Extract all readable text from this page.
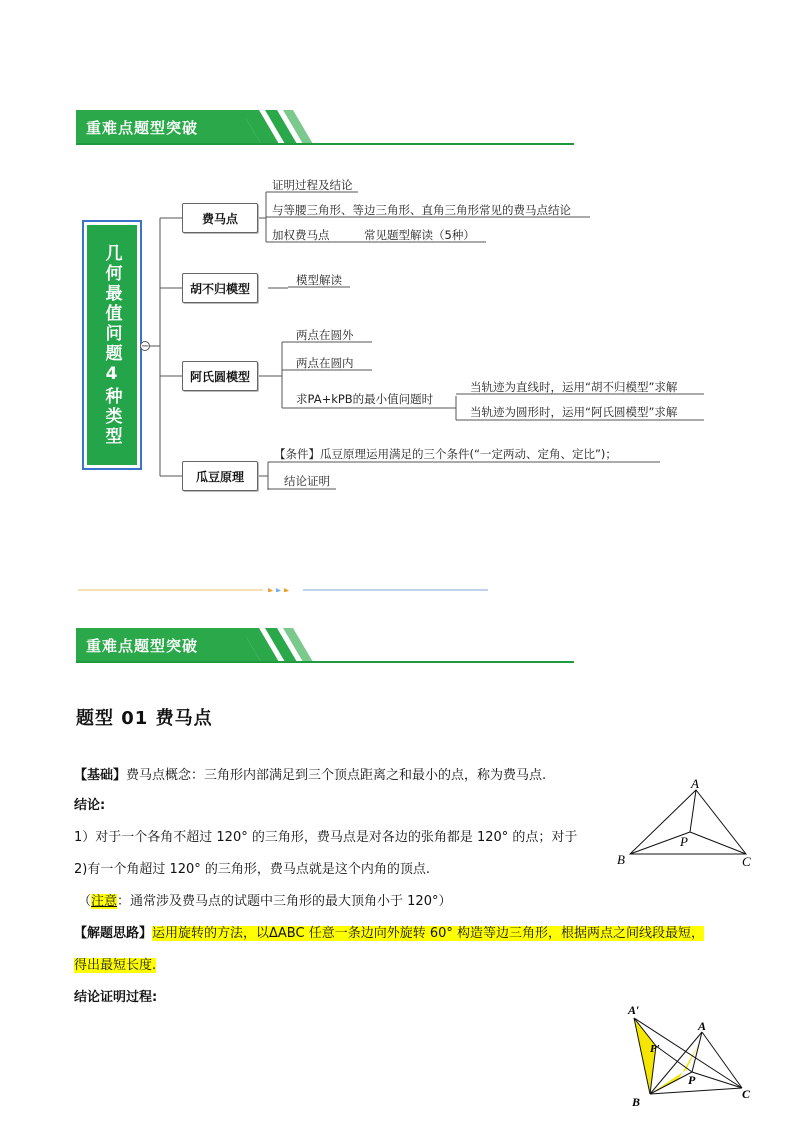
重难点题型突破
几何最值问题4种类型	−
费马点
胡不归模型
阿氏圆模型
瓜豆原理
证明过程及结论
与等腰三角形、等边三角形、直角三角形常见的费马点结论
加权费马点	常见题型解读（5种）
模型解读
两点在圆外
两点在圆内
求PA+kPB的最小值问题时
当轨迹为直线时，运用“胡不归模型”求解
当轨迹为圆形时，运用“阿氏圆模型”求解
【条件】瓜豆原理运用满足的三个条件(“一定两动、定角、定比”)；
结论证明
重难点题型突破
题型 01 费马点
【基础】费马点概念：三角形内部满足到三个顶点距离之和最小的点，称为费马点.
结论:
1）对于一个各角不超过 120° 的三角形，费马点是对各边的张角都是 120° 的点；对于
2)有一个角超过 120° 的三角形，费马点就是这个内角的顶点.
（注意：通常涉及费马点的试题中三角形的最大顶角小于 120°）
【解题思路】运用旋转的方法，以ΔABC 任意一条边向外旋转 60° 构造等边三角形，根据两点之间线段最短，
得出最短长度.
结论证明过程:
A
B	C
P
A′
A
P′
P
B
C
